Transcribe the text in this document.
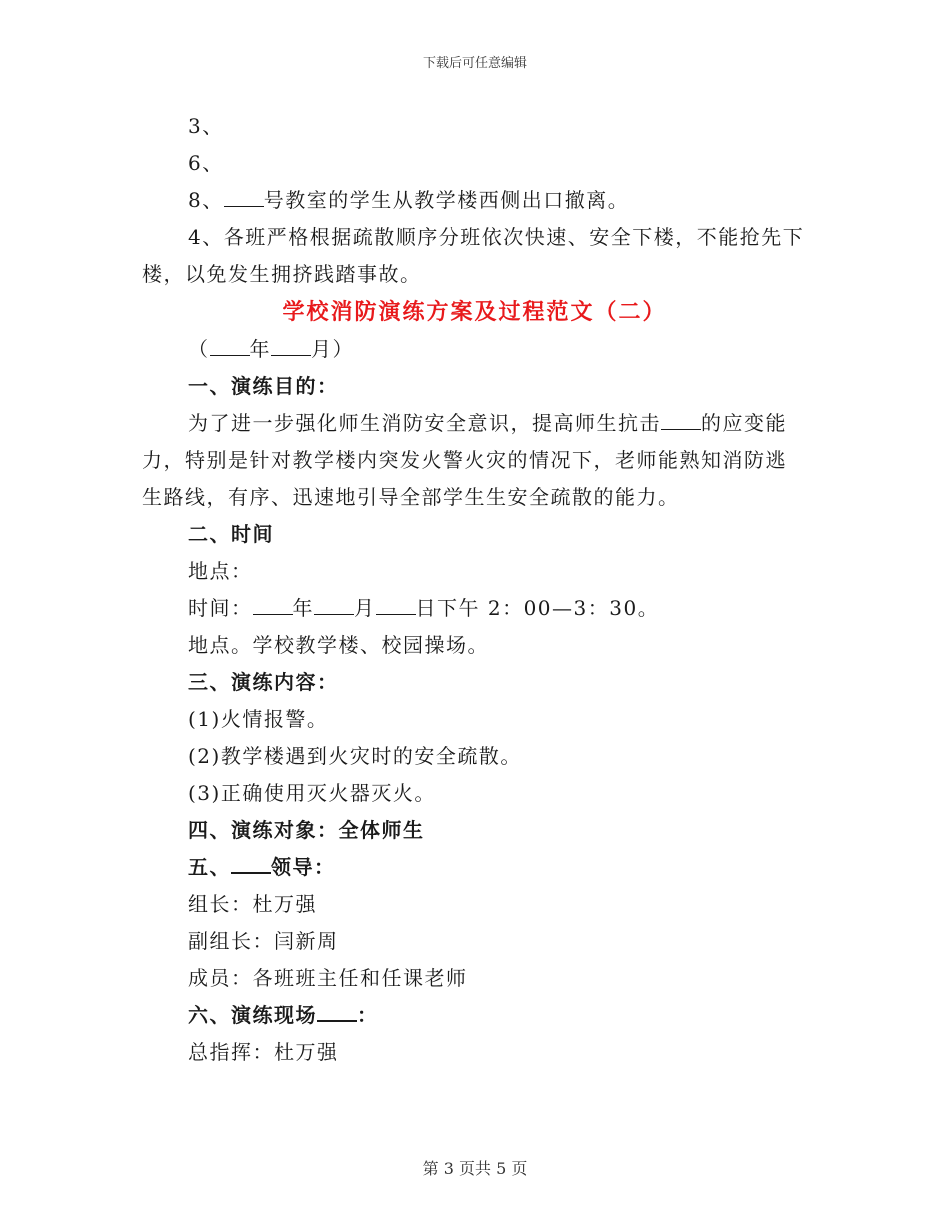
下载后可任意编辑
3、
6、
8、 号教室的学生从教学楼西侧出口撤离。
4、各班严格根据疏散顺序分班依次快速、安全下楼，不能抢先下
楼，以免发生拥挤践踏事故。
学校消防演练方案及过程范文（二）
（ 年 月）
一、演练目的：
为了进一步强化师生消防安全意识，提高师生抗击 的应变能
力，特别是针对教学楼内突发火警火灾的情况下，老师能熟知消防逃
生路线，有序、迅速地引导全部学生生安全疏散的能力。
二、时间
地点：
时间： 年 月 日下午 2：00—3：30。
地点。学校教学楼、校园操场。
三、演练内容：
(1)火情报警。
(2)教学楼遇到火灾时的安全疏散。
(3)正确使用灭火器灭火。
四、演练对象：全体师生
五、 领导：
组长：杜万强
副组长：闫新周
成员：各班班主任和任课老师
六、演练现场 ：
总指挥：杜万强
第 3 页共 5 页
